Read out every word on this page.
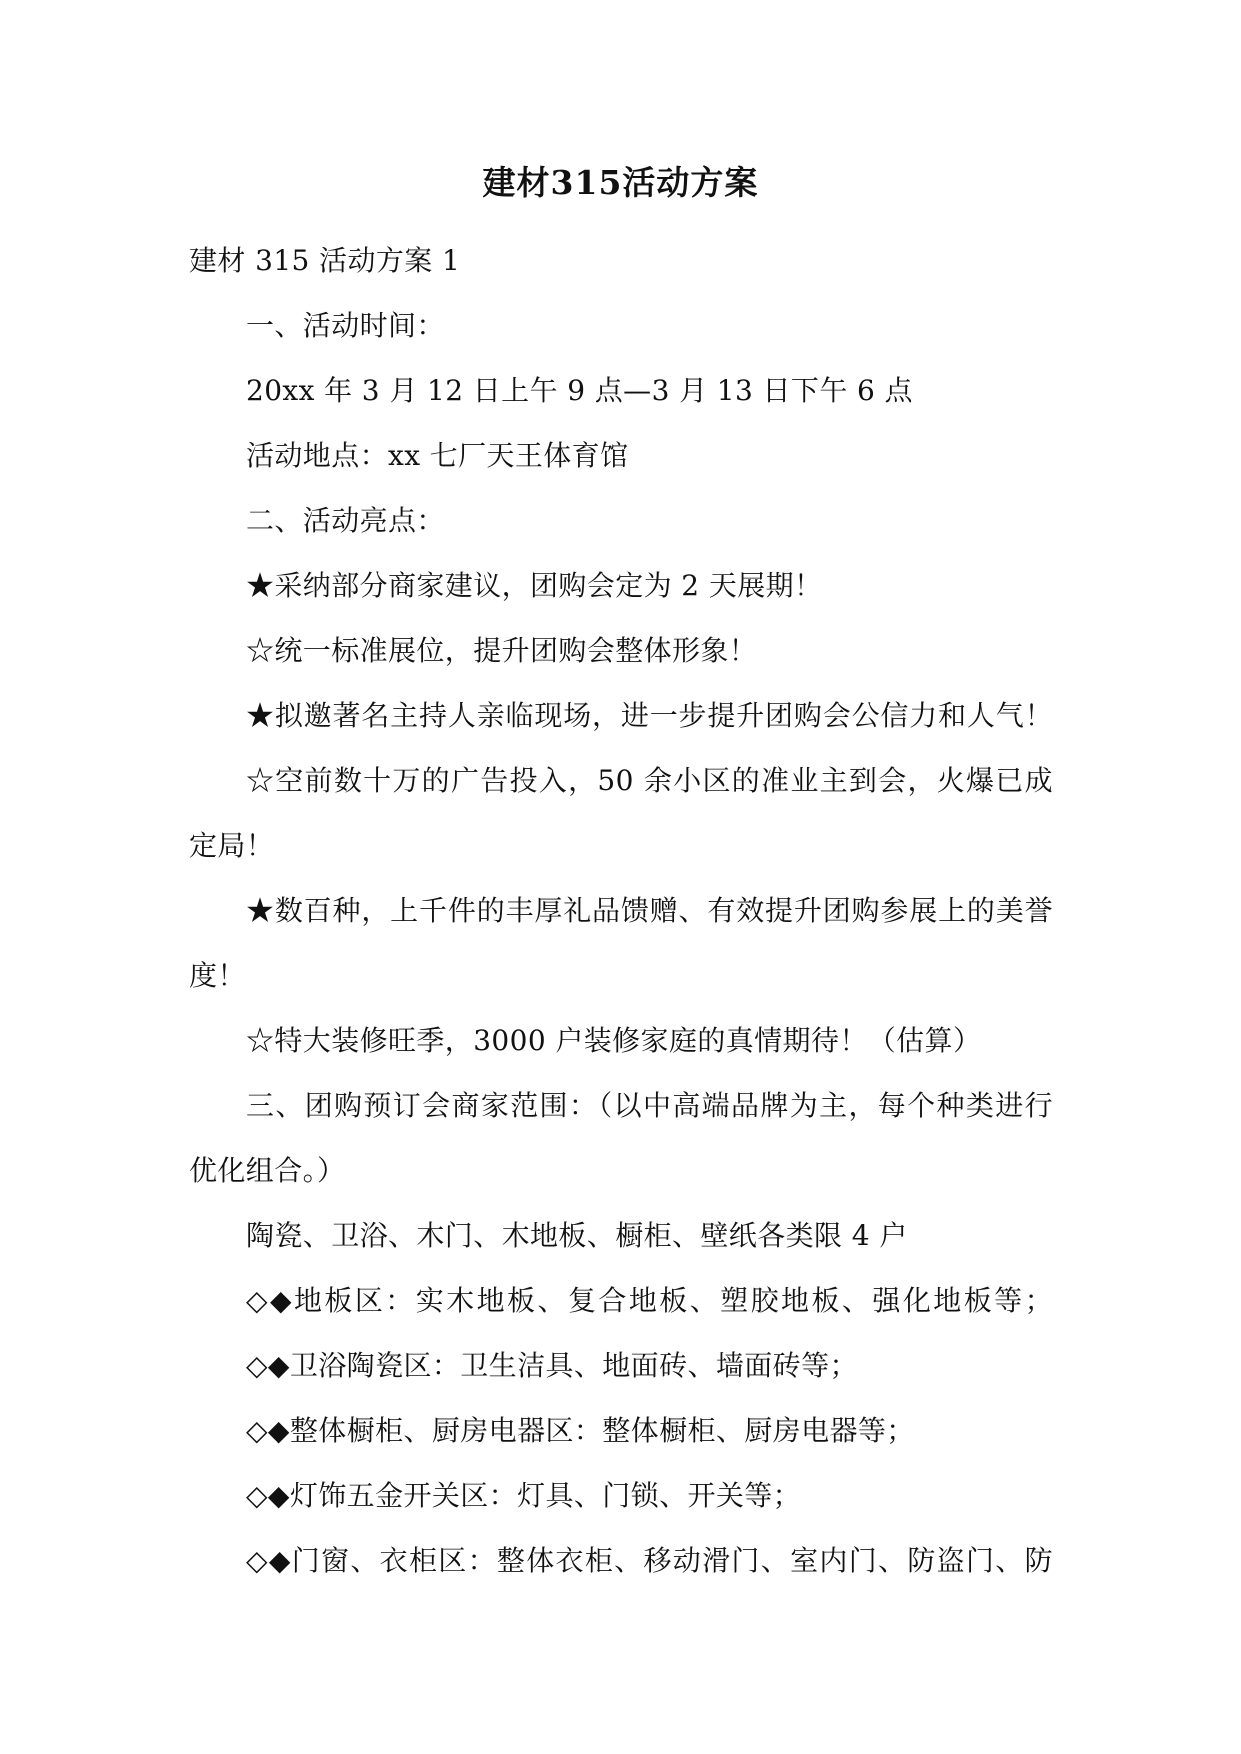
建材315活动方案
建材 315 活动方案 1
一、活动时间：
20xx 年 3 月 12 日上午 9 点—3 月 13 日下午 6 点
活动地点：xx 七厂天王体育馆
二、活动亮点：
★采纳部分商家建议，团购会定为 2 天展期！
☆统一标准展位，提升团购会整体形象！
★拟邀著名主持人亲临现场，进一步提升团购会公信力和人气！
☆空前数十万的广告投入，50 余小区的准业主到会，火爆已成
定局！
★数百种，上千件的丰厚礼品馈赠、有效提升团购参展上的美誉
度！
☆特大装修旺季，3000 户装修家庭的真情期待！（估算）
三、团购预订会商家范围：（以中高端品牌为主，每个种类进行
优化组合。）
陶瓷、卫浴、木门、木地板、橱柜、壁纸各类限 4 户
◇◆地板区：实木地板、复合地板、塑胶地板、强化地板等；
◇◆卫浴陶瓷区：卫生洁具、地面砖、墙面砖等；
◇◆整体橱柜、厨房电器区：整体橱柜、厨房电器等；
◇◆灯饰五金开关区：灯具、门锁、开关等；
◇◆门窗、衣柜区：整体衣柜、移动滑门、室内门、防盗门、防
